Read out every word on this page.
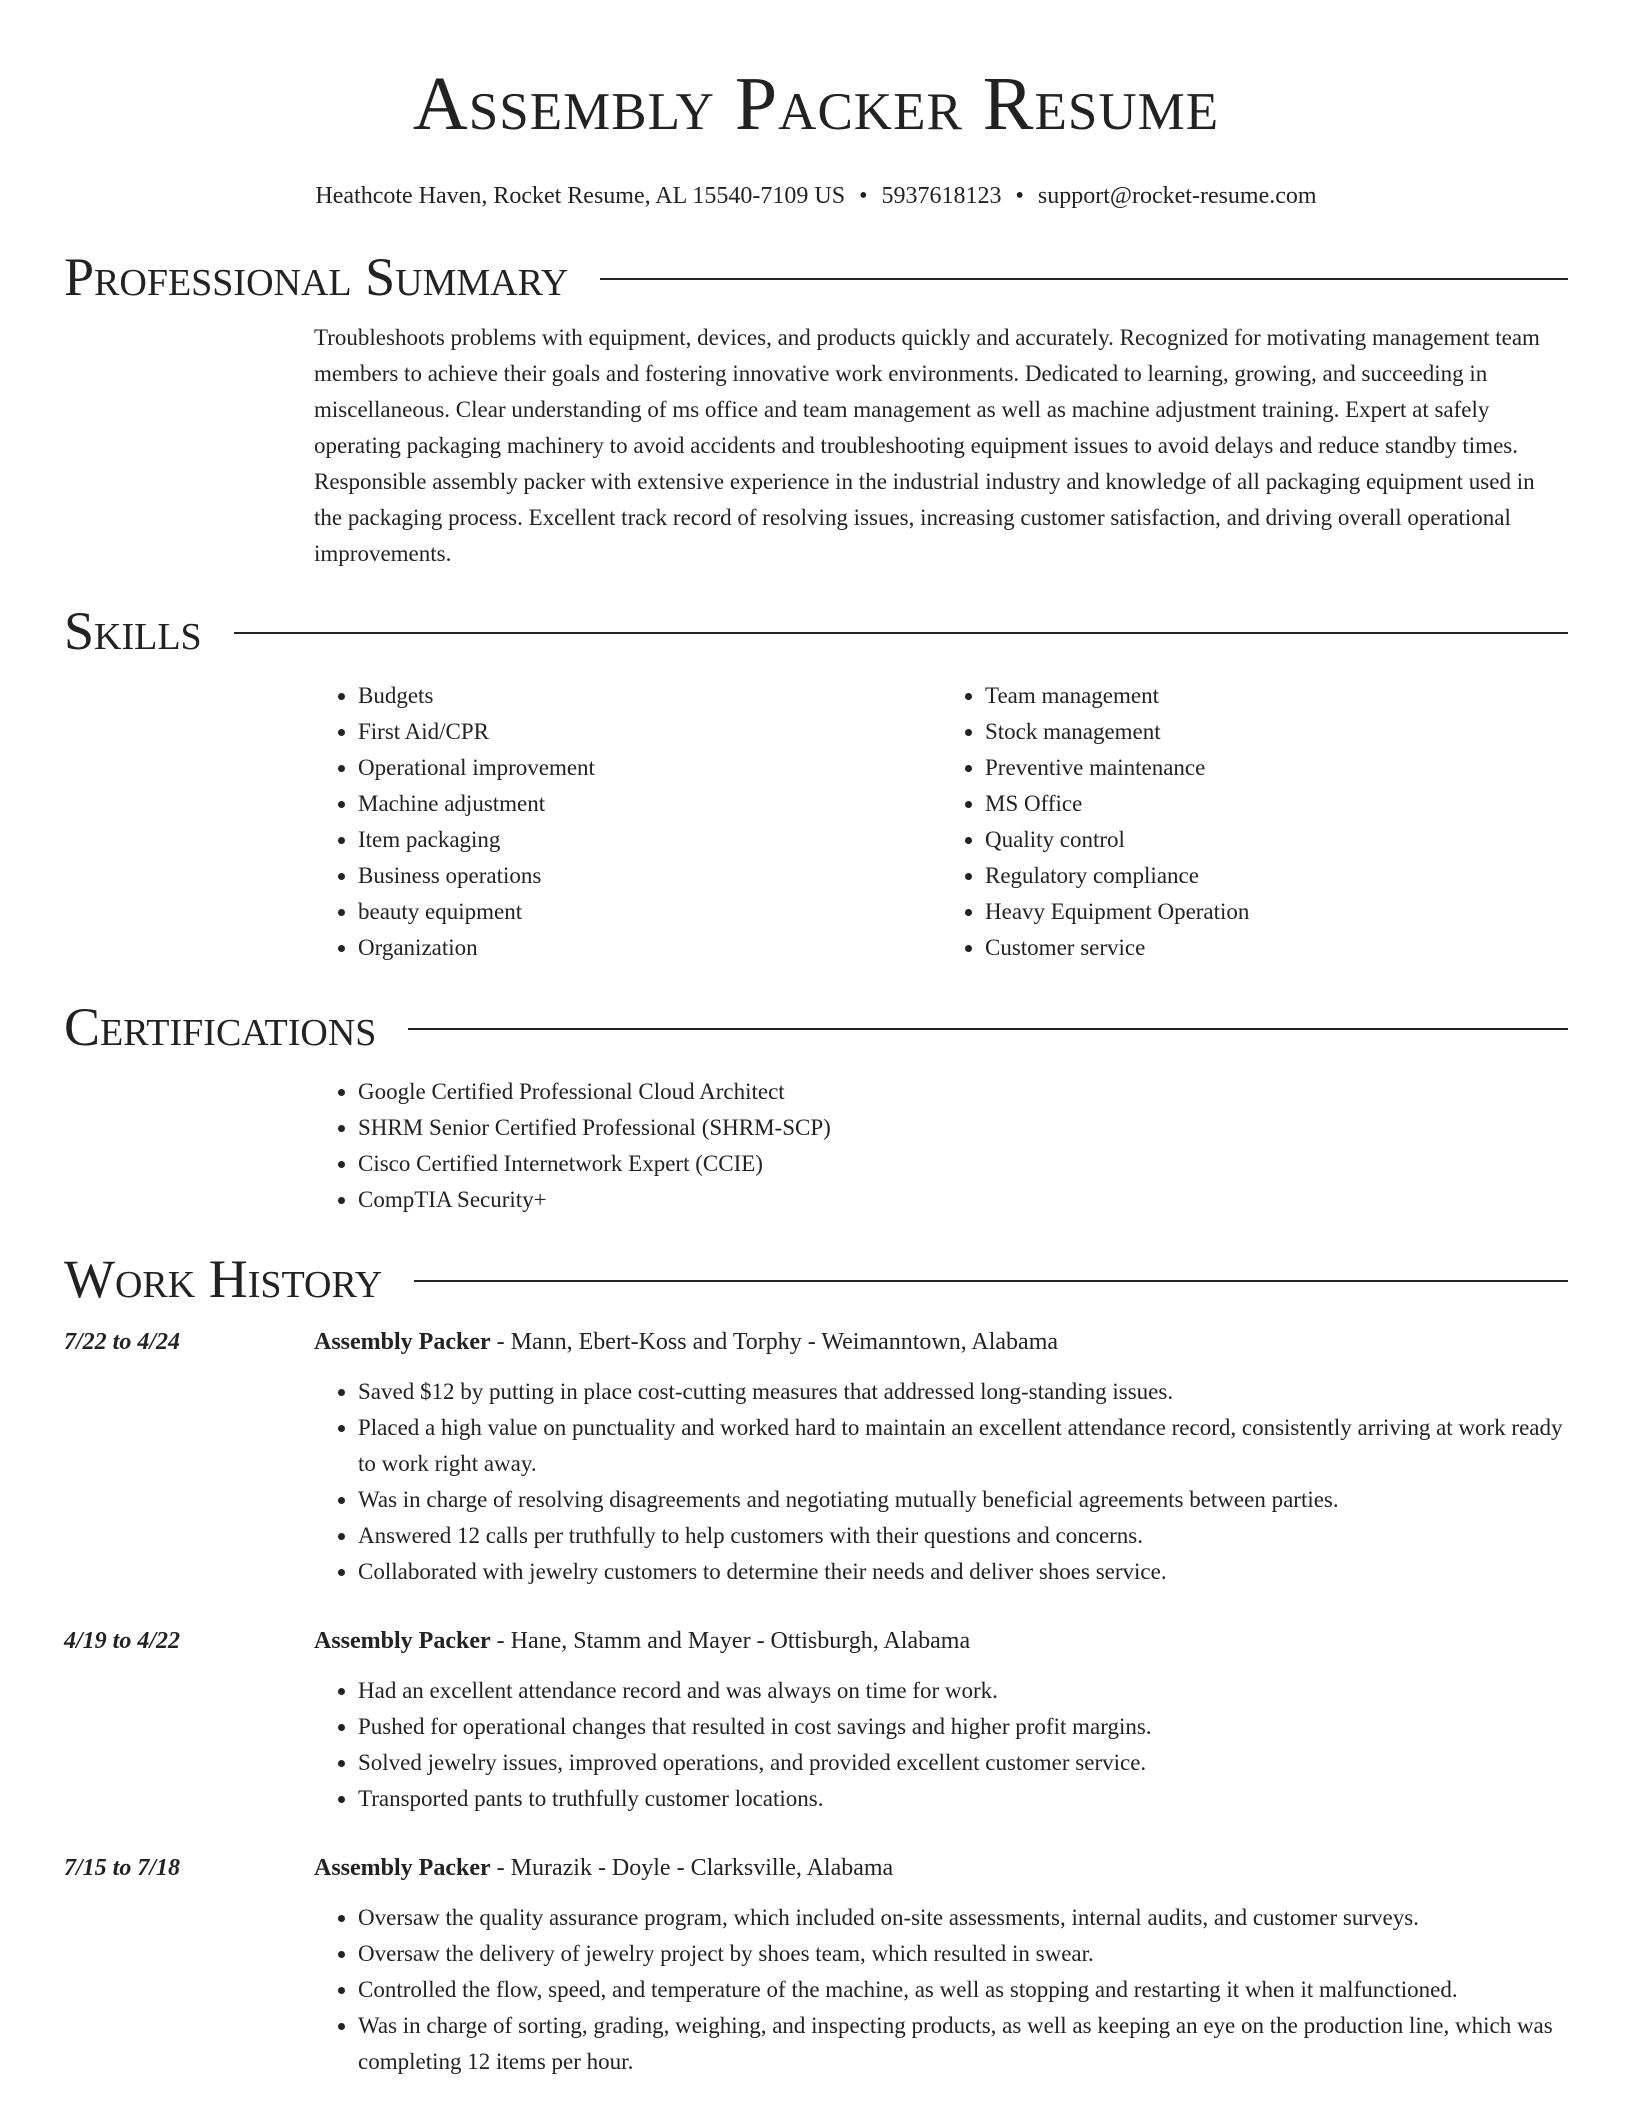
Assembly Packer Resume
Heathcote Haven, Rocket Resume, AL 15540-7109 US • 5937618123 • support@rocket-resume.com
Professional Summary

Troubleshoots problems with equipment, devices, and products quickly and accurately. Recognized for motivating management team members to achieve their goals and fostering innovative work environments. Dedicated to learning, growing, and succeeding in miscellaneous. Clear understanding of ms office and team management as well as machine adjustment training. Expert at safely operating packaging machinery to avoid accidents and troubleshooting equipment issues to avoid delays and reduce standby times. Responsible assembly packer with extensive experience in the industrial industry and knowledge of all packaging equipment used in the packaging process. Excellent track record of resolving issues, increasing customer satisfaction, and driving overall operational improvements.

Skills
• Budgets
• First Aid/CPR
• Operational improvement
• Machine adjustment
• Item packaging
• Business operations
• beauty equipment
• Organization
• Team management
• Stock management
• Preventive maintenance
• MS Office
• Quality control
• Regulatory compliance
• Heavy Equipment Operation
• Customer service
Certifications
• Google Certified Professional Cloud Architect
• SHRM Senior Certified Professional (SHRM-SCP)
• Cisco Certified Internetwork Expert (CCIE)
• CompTIA Security+
Work History
7/22 to 4/24	Assembly Packer - Mann, Ebert-Koss and Torphy - Weimanntown, Alabama
• Saved $12 by putting in place cost-cutting measures that addressed long-standing issues.
• Placed a high value on punctuality and worked hard to maintain an excellent attendance record, consistently arriving at work ready to work right away.
• Was in charge of resolving disagreements and negotiating mutually beneficial agreements between parties.
• Answered 12 calls per truthfully to help customers with their questions and concerns.
• Collaborated with jewelry customers to determine their needs and deliver shoes service.
4/19 to 4/22	Assembly Packer - Hane, Stamm and Mayer - Ottisburgh, Alabama
• Had an excellent attendance record and was always on time for work.
• Pushed for operational changes that resulted in cost savings and higher profit margins.
• Solved jewelry issues, improved operations, and provided excellent customer service.
• Transported pants to truthfully customer locations.
7/15 to 7/18	Assembly Packer - Murazik - Doyle - Clarksville, Alabama
• Oversaw the quality assurance program, which included on-site assessments, internal audits, and customer surveys.
• Oversaw the delivery of jewelry project by shoes team, which resulted in swear.
• Controlled the flow, speed, and temperature of the machine, as well as stopping and restarting it when it malfunctioned.
• Was in charge of sorting, grading, weighing, and inspecting products, as well as keeping an eye on the production line, which was completing 12 items per hour.
